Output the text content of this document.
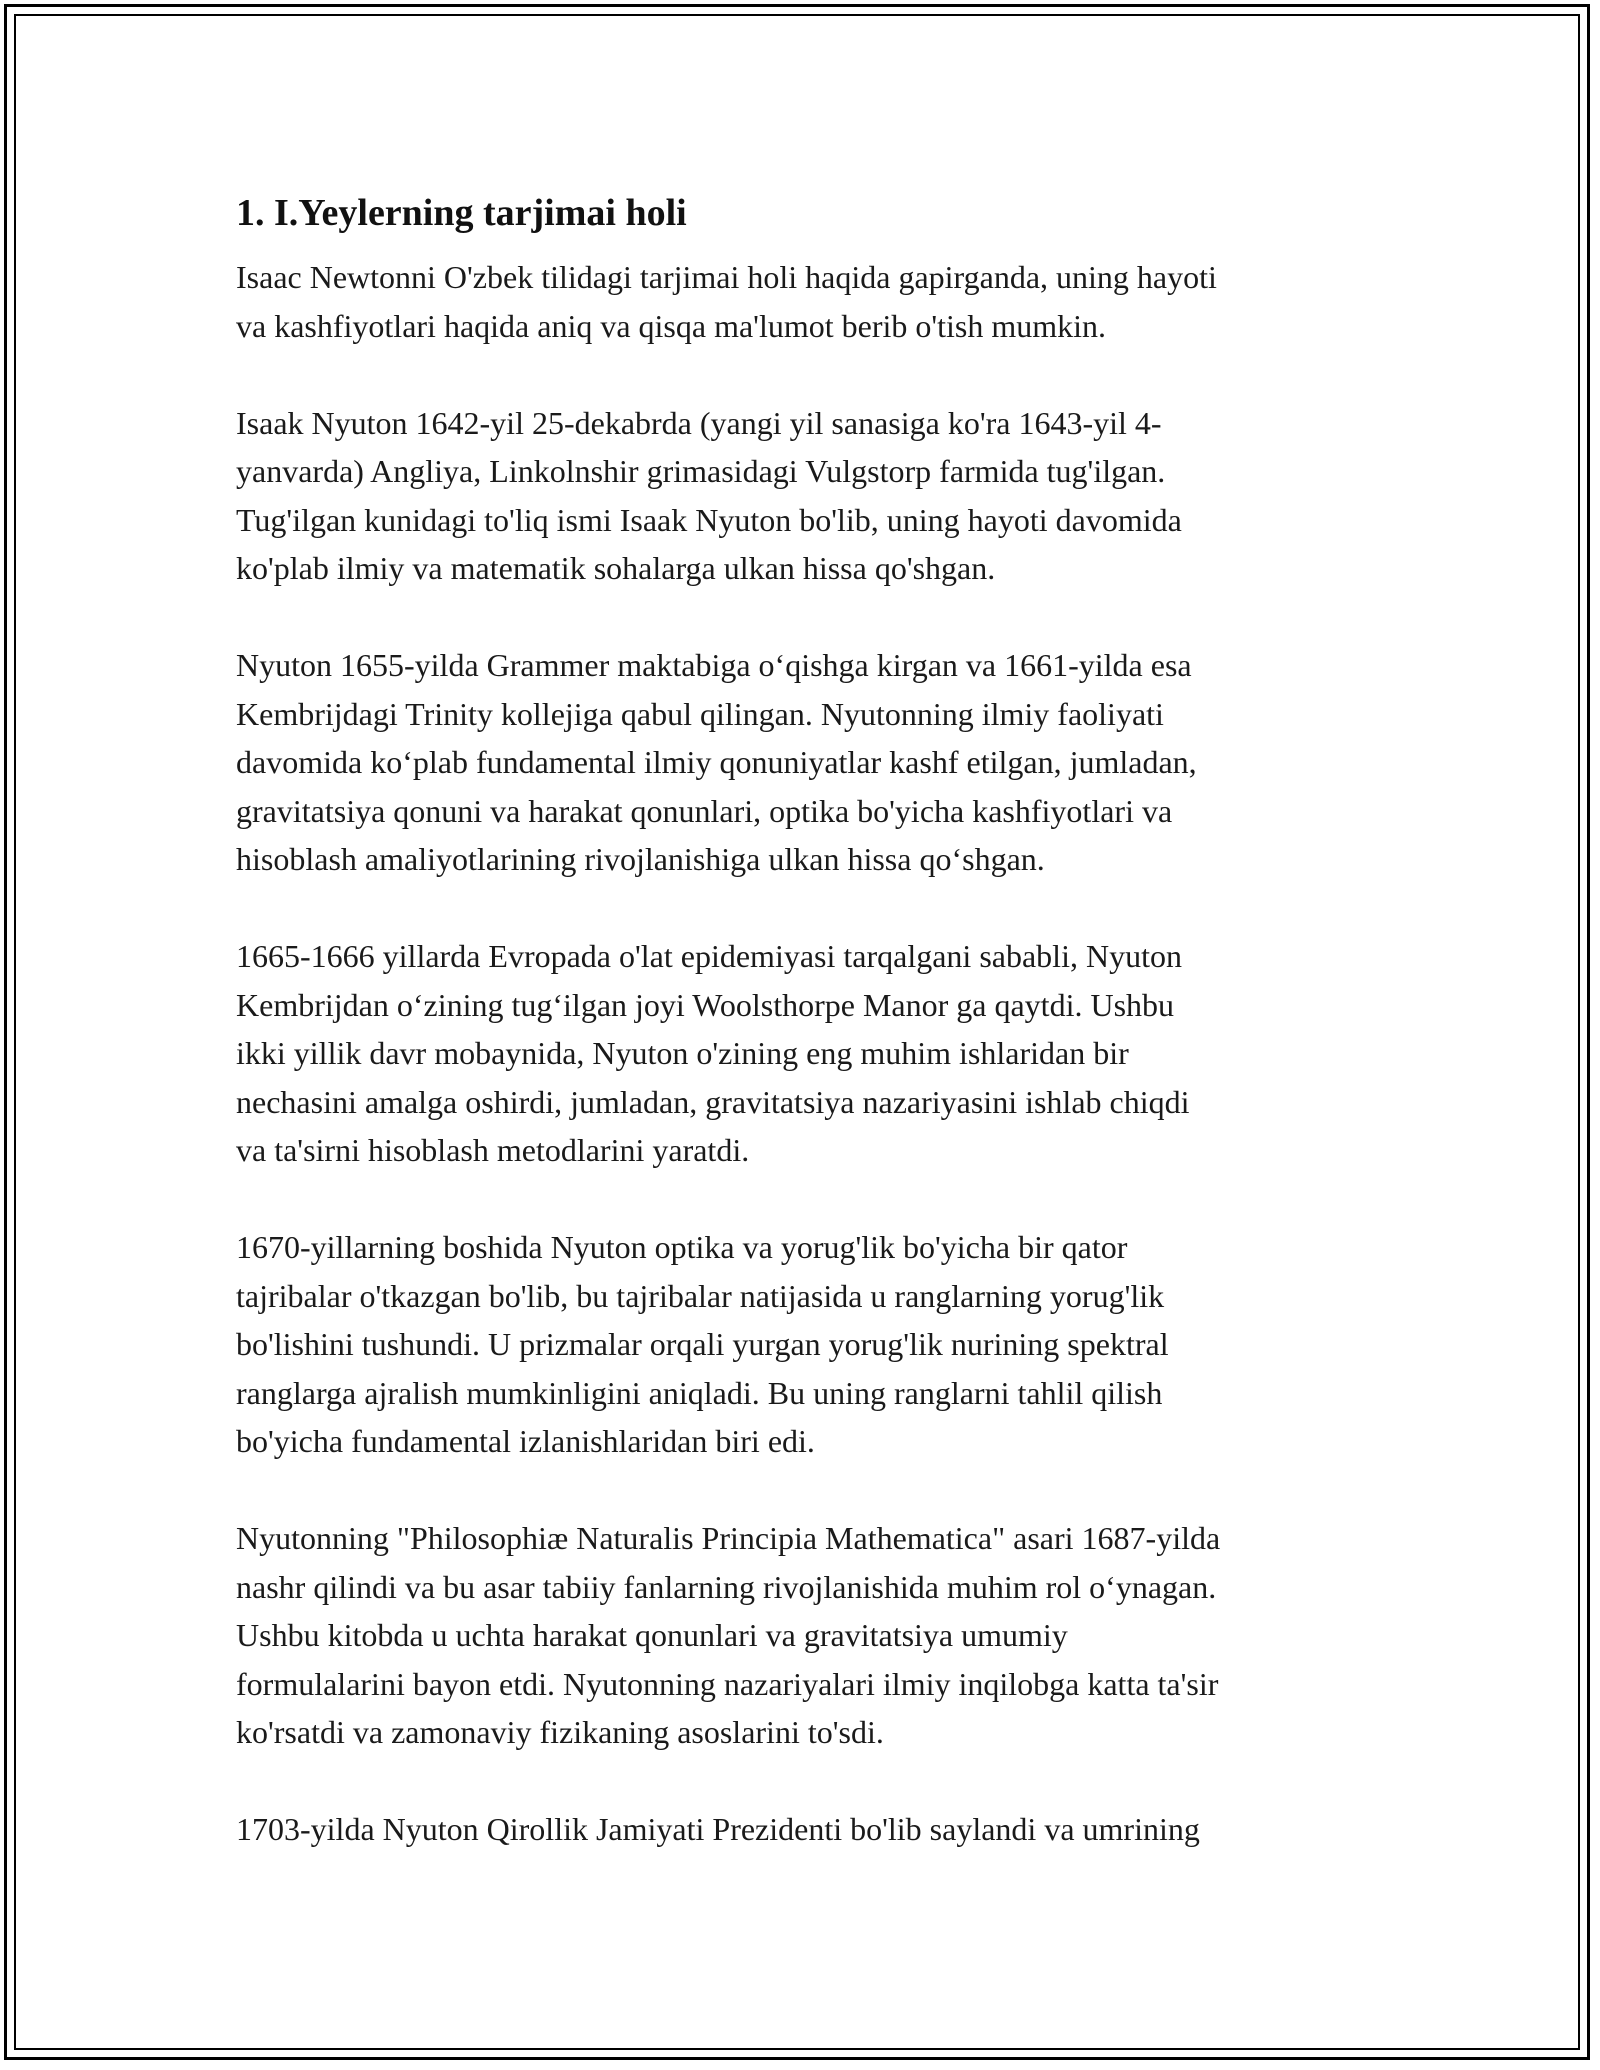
1. I.Yeylerning tarjimai holi
Isaac Newtonni O'zbek tilidagi tarjimai holi haqida gapirganda, uning hayoti
va kashfiyotlari haqida aniq va qisqa ma'lumot berib o'tish mumkin.
Isaak Nyuton 1642-yil 25-dekabrda (yangi yil sanasiga ko'ra 1643-yil 4-
yanvarda) Angliya, Linkolnshir grimasidagi Vulgstorp farmida tug'ilgan.
Tug'ilgan kunidagi to'liq ismi Isaak Nyuton bo'lib, uning hayoti davomida
ko'plab ilmiy va matematik sohalarga ulkan hissa qo'shgan.
Nyuton 1655-yilda Grammer maktabiga o‘qishga kirgan va 1661-yilda esa
Kembrijdagi Trinity kollejiga qabul qilingan. Nyutonning ilmiy faoliyati
davomida ko‘plab fundamental ilmiy qonuniyatlar kashf etilgan, jumladan,
gravitatsiya qonuni va harakat qonunlari, optika bo'yicha kashfiyotlari va
hisoblash amaliyotlarining rivojlanishiga ulkan hissa qo‘shgan.
1665-1666 yillarda Evropada o'lat epidemiyasi tarqalgani sababli, Nyuton
Kembrijdan o‘zining tug‘ilgan joyi Woolsthorpe Manor ga qaytdi. Ushbu
ikki yillik davr mobaynida, Nyuton o'zining eng muhim ishlaridan bir
nechasini amalga oshirdi, jumladan, gravitatsiya nazariyasini ishlab chiqdi
va ta'sirni hisoblash metodlarini yaratdi.
1670-yillarning boshida Nyuton optika va yorug'lik bo'yicha bir qator
tajribalar o'tkazgan bo'lib, bu tajribalar natijasida u ranglarning yorug'lik
bo'lishini tushundi. U prizmalar orqali yurgan yorug'lik nurining spektral
ranglarga ajralish mumkinligini aniqladi. Bu uning ranglarni tahlil qilish
bo'yicha fundamental izlanishlaridan biri edi.
Nyutonning "Philosophiæ Naturalis Principia Mathematica" asari 1687-yilda
nashr qilindi va bu asar tabiiy fanlarning rivojlanishida muhim rol o‘ynagan.
Ushbu kitobda u uchta harakat qonunlari va gravitatsiya umumiy
formulalarini bayon etdi. Nyutonning nazariyalari ilmiy inqilobga katta ta'sir
ko'rsatdi va zamonaviy fizikaning asoslarini to'sdi.
1703-yilda Nyuton Qirollik Jamiyati Prezidenti bo'lib saylandi va umrining
